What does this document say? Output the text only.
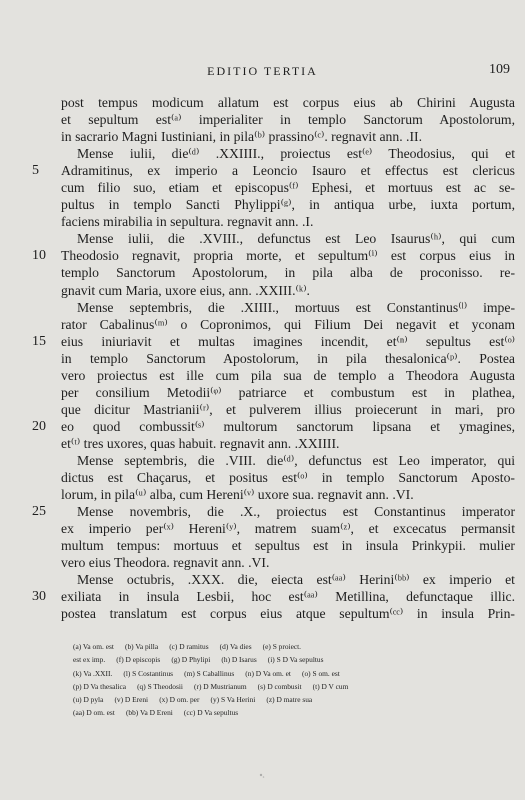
EDITIO TERTIA	109
post tempus modicum allatum est corpus eius ab Chirini Augusta
et sepultum est⁽ᵃ⁾ imperialiter in templo Sanctorum Apostolorum,
in sacrario Magni Iustiniani, in pila⁽ᵇ⁾ prassino⁽ᶜ⁾. regnavit ann. .II.
Mense iulii, die⁽ᵈ⁾ .XXIIII., proiectus est⁽ᵉ⁾ Theodosius, qui et
5	Adramitinus, ex imperio a Leoncio Isauro et effectus est clericus
cum filio suo, etiam et episcopus⁽ᶠ⁾ Ephesi, et mortuus est ac se-
pultus in templo Sancti Phylippi⁽ᵍ⁾, in antiqua urbe, iuxta portum,
faciens mirabilia in sepultura. regnavit ann. .I.
Mense iulii, die .XVIII., defunctus est Leo Isaurus⁽ʰ⁾, qui cum
10 Theodosio regnavit, propria morte, et sepultum⁽ⁱ⁾ est corpus eius in
templo Sanctorum Apostolorum, in pila alba de proconisso. re-
gnavit cum Maria, uxore eius, ann. .XXIII.⁽ᵏ⁾.
Mense septembris, die .XIIII., mortuus est Constantinus⁽ˡ⁾ impe-
rator Cabalinus⁽ᵐ⁾ o Copronimos, qui Filium Dei negavit et yconam
15 eius iniuriavit et multas imagines incendit, et⁽ⁿ⁾ sepultus est⁽ᵒ⁾
in templo Sanctorum Apostolorum, in pila thesalonica⁽ᵖ⁾. Postea
vero proiectus est ille cum pila sua de templo a Theodora Augusta
per consilium Metodii⁽ᵠ⁾ patriarce et combustum est in plathea,
que dicitur Mastrianii⁽ʳ⁾, et pulverem illius proiecerunt in mari, pro
20 eo quod combussit⁽ˢ⁾ multorum sanctorum lipsana et ymagines,
et⁽ᵗ⁾ tres uxores, quas habuit. regnavit ann. .XXIIII.
Mense septembris, die .VIII. die⁽ᵈ⁾, defunctus est Leo imperator, qui
dictus est Chaçarus, et positus est⁽ᵒ⁾ in templo Sanctorum Aposto-
lorum, in pila⁽ᵘ⁾ alba, cum Hereni⁽ᵛ⁾ uxore sua. regnavit ann. .VI.
25 Mense novembris, die .X., proiectus est Constantinus imperator
ex imperio per⁽ˣ⁾ Hereni⁽ʸ⁾, matrem suam⁽ᶻ⁾, et excecatus permansit
multum tempus: mortuus et sepultus est in insula Prinkypii. mulier
vero eius Theodora. regnavit ann. .VI.
Mense octubris, .XXX. die, eiecta est⁽ᵃᵃ⁾ Herini⁽ᵇᵇ⁾ ex imperio et
30 exiliata in insula Lesbii, hoc est⁽ᵃᵃ⁾ Metillina, defunctaque illic.
postea translatum est corpus eius atque sepultum⁽ᶜᶜ⁾ in insula Prin-
(a) Va om. est      (b) Va pilla      (c) D ramitus      (d) Va dies      (e) S proiect.
est ex imp.      (f) D episcopis      (g) D Phylipi      (h) D Isarus      (i) S D Va sepultus
(k) Va .XXII.      (l) S Costantinus      (m) S Caballinus      (n) D Va om. et      (o) S om. est
(p) D Va thesalica      (q) S Theodosii      (r) D Mustrianum      (s) D combusit      (t) D V cum
(u) D pyla      (v) D Ereni      (x) D om. per      (y) S Va Herini      (z) D matre sua
(aa) D om. est      (bb) Va D Ereni      (cc) D Va sepultus
